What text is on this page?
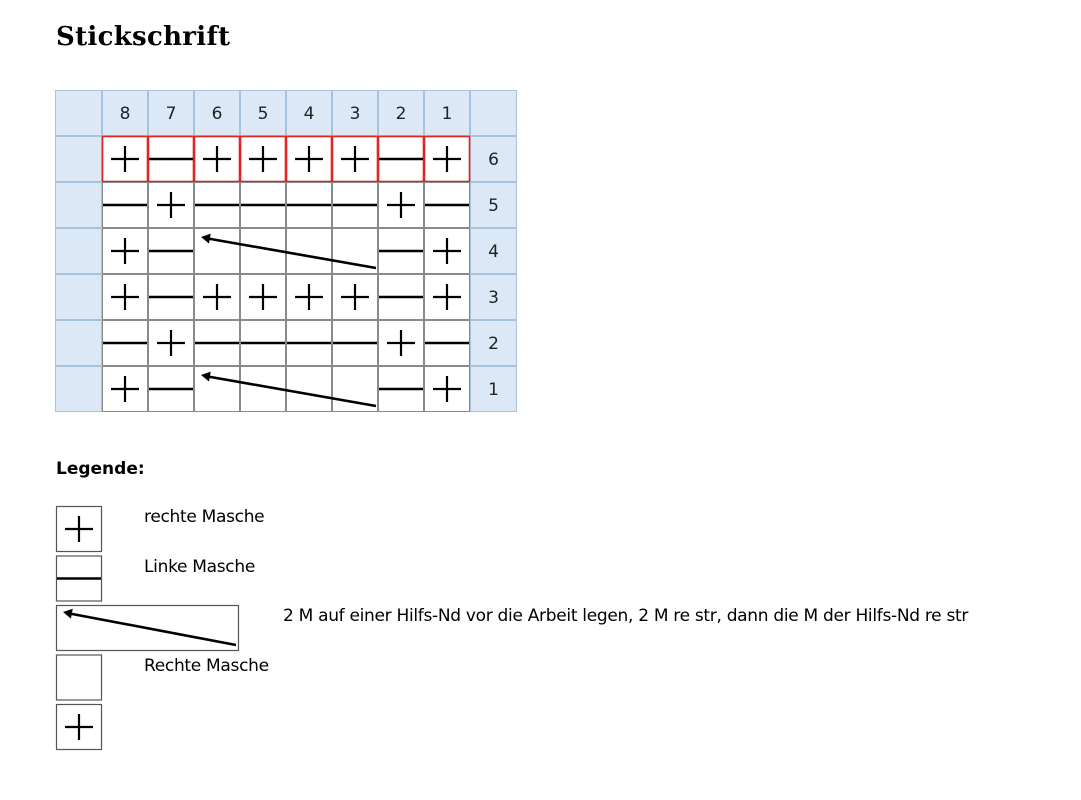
Stickschrift
8 7 6 5 4 3 2 1
6
5
4
3
2
1
Legende:
rechte Masche
Linke Masche
2 M auf einer Hilfs-Nd vor die Arbeit legen, 2 M re str, dann die M der Hilfs-Nd re str
Rechte Masche
